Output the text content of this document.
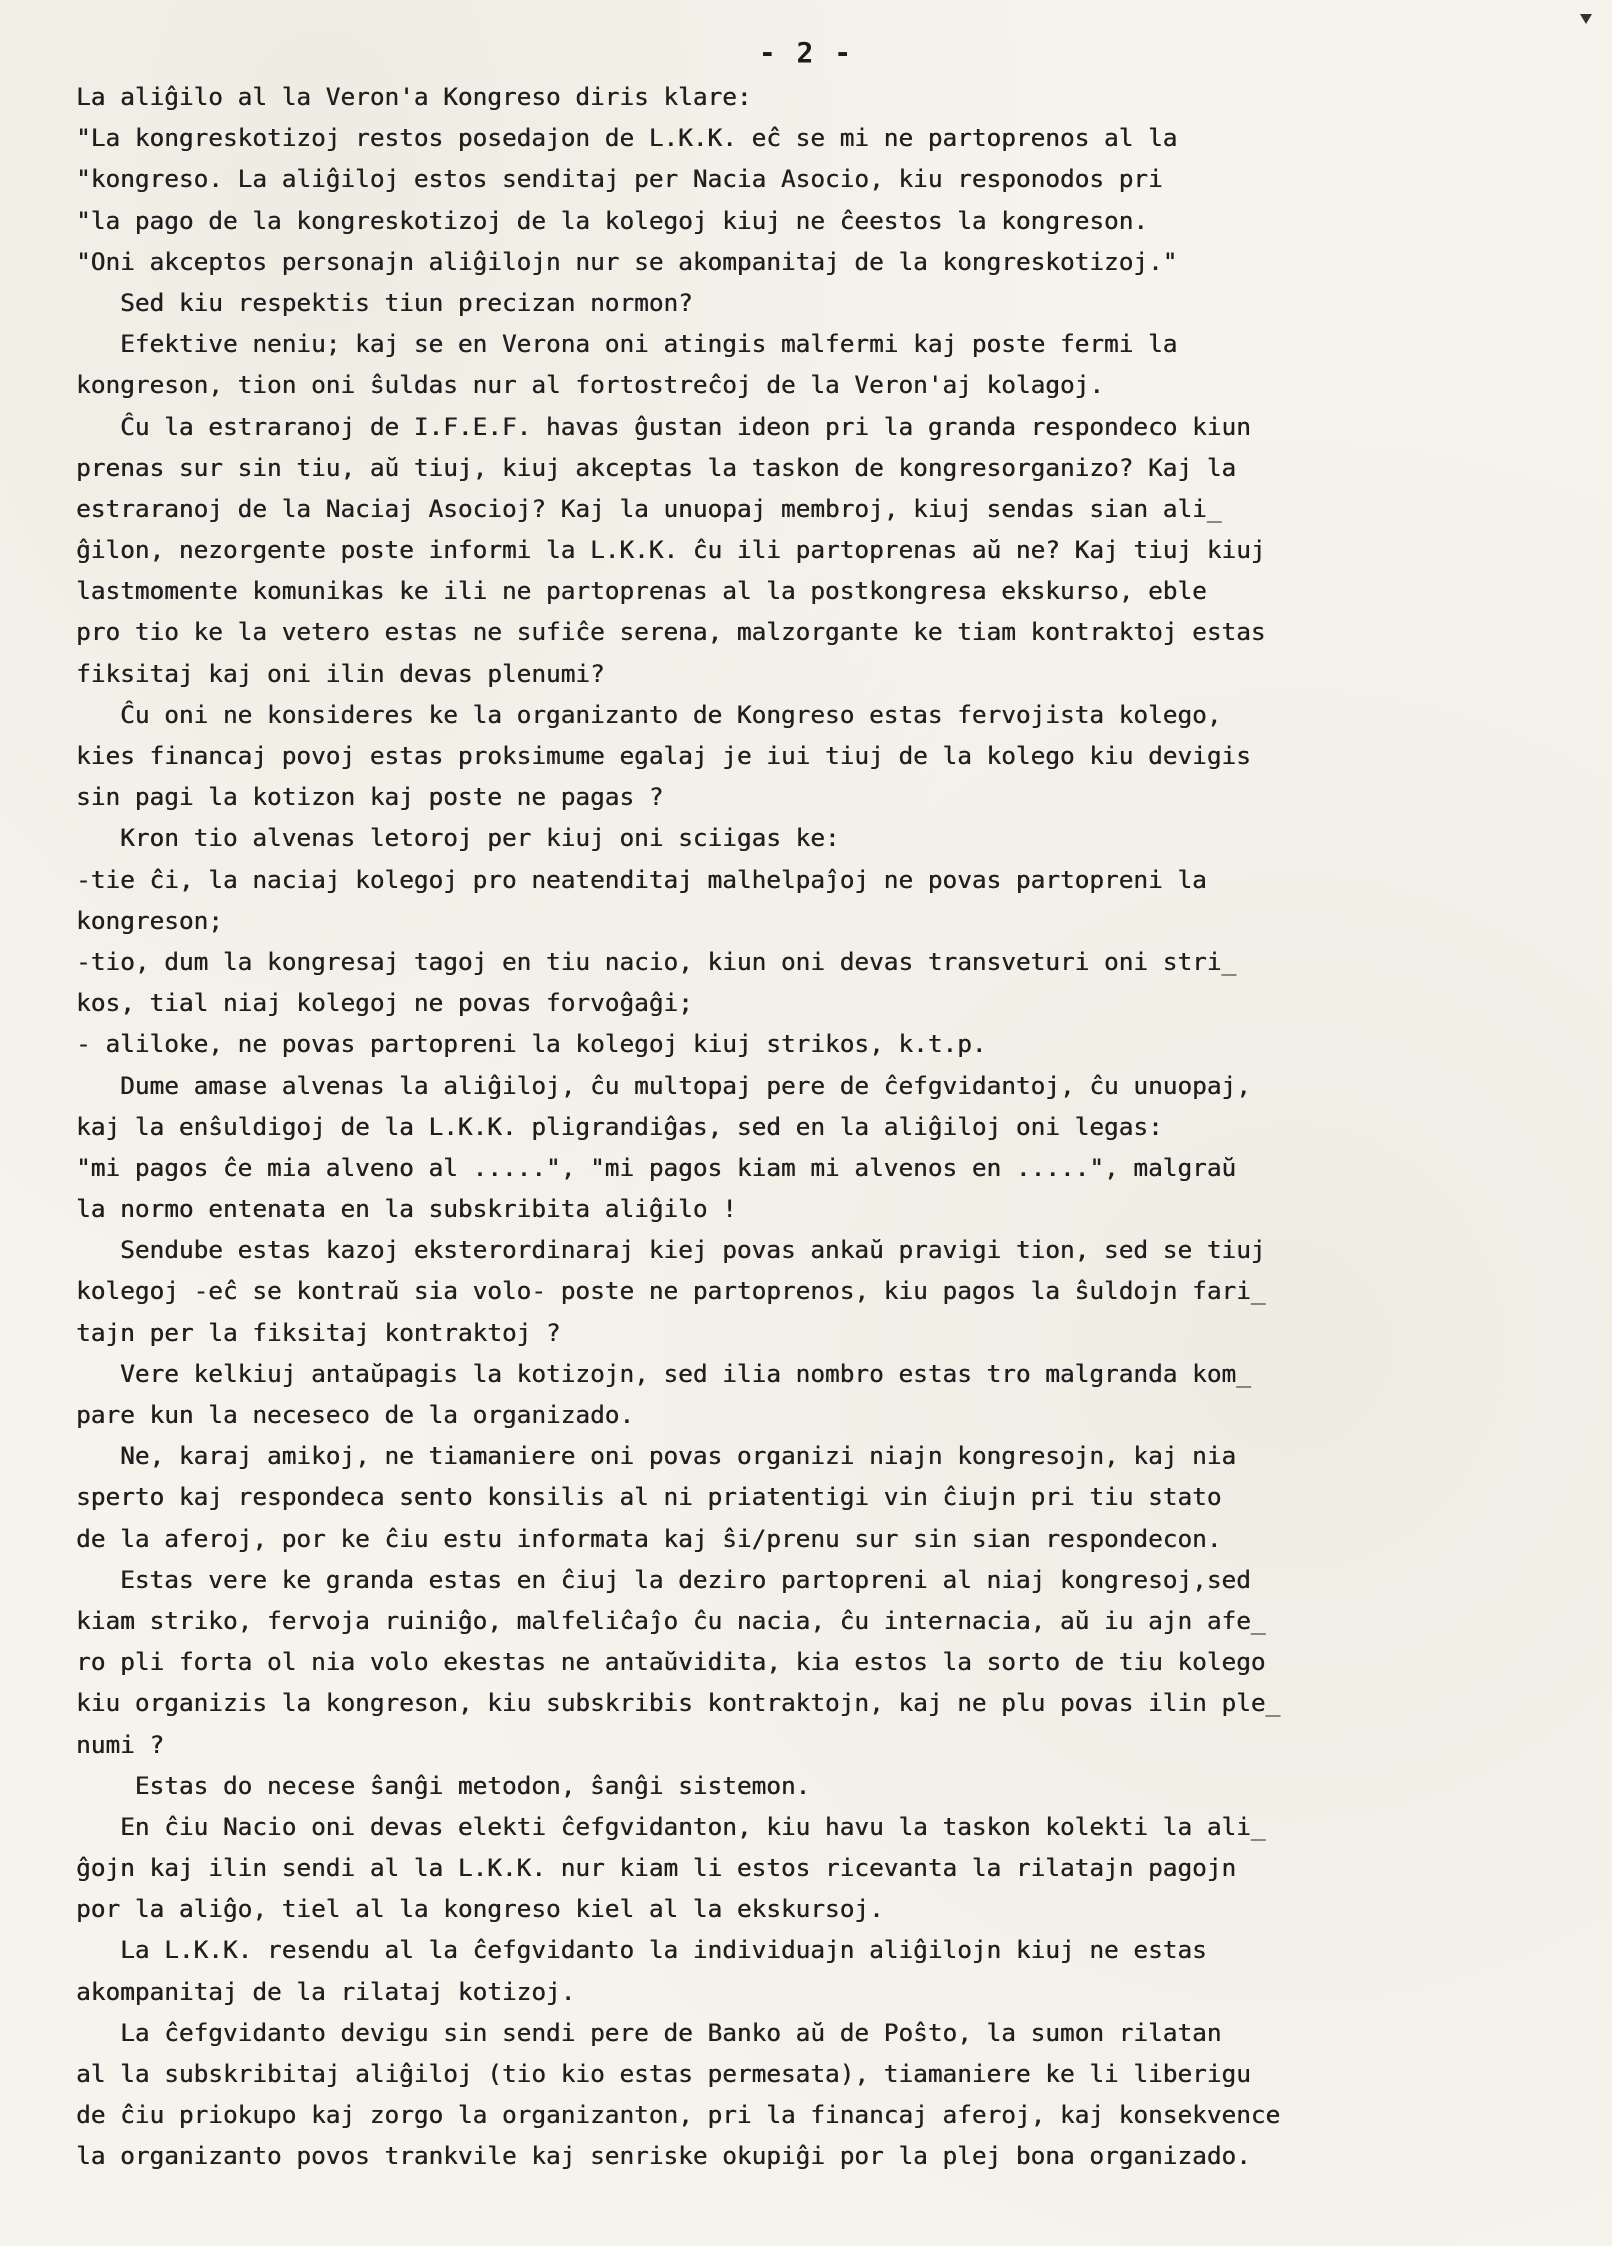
- 2 -
La aliĝilo al la Veron'a Kongreso diris klare:
"La kongreskotizoj restos posedajon de L.K.K. eĉ se mi ne partoprenos al la
"kongreso. La aliĝiloj estos senditaj per Nacia Asocio, kiu responodos pri
"la pago de la kongreskotizoj de la kolegoj kiuj ne ĉeestos la kongreson.
"Oni akceptos personajn aliĝilojn nur se akompanitaj de la kongreskotizoj."
Sed kiu respektis tiun precizan normon?
Efektive neniu; kaj se en Verona oni atingis malfermi kaj poste fermi la
kongreson, tion oni ŝuldas nur al fortostreĉoj de la Veron'aj kolagoj.
Ĉu la estraranoj de I.F.E.F. havas ĝustan ideon pri la granda respondeco kiun
prenas sur sin tiu, aŭ tiuj, kiuj akceptas la taskon de kongresorganizo? Kaj la
estraranoj de la Naciaj Asocioj? Kaj la unuopaj membroj, kiuj sendas sian ali_
ĝilon, nezorgente poste informi la L.K.K. ĉu ili partoprenas aŭ ne? Kaj tiuj kiuj
lastmomente komunikas ke ili ne partoprenas al la postkongresa ekskurso, eble
pro tio ke la vetero estas ne sufiĉe serena, malzorgante ke tiam kontraktoj estas
fiksitaj kaj oni ilin devas plenumi?
Ĉu oni ne konsideres ke la organizanto de Kongreso estas fervojista kolego,
kies financaj povoj estas proksimume egalaj je iui tiuj de la kolego kiu devigis
sin pagi la kotizon kaj poste ne pagas ?
Kron tio alvenas letoroj per kiuj oni sciigas ke:
-tie ĉi, la naciaj kolegoj pro neatenditaj malhelpaĵoj ne povas partopreni la
kongreson;
-tio, dum la kongresaj tagoj en tiu nacio, kiun oni devas transveturi oni stri_
kos, tial niaj kolegoj ne povas forvoĝaĝi;
- aliloke, ne povas partopreni la kolegoj kiuj strikos, k.t.p.
Dume amase alvenas la aliĝiloj, ĉu multopaj pere de ĉefgvidantoj, ĉu unuopaj,
kaj la enŝuldigoj de la L.K.K. pligrandiĝas, sed en la aliĝiloj oni legas:
"mi pagos ĉe mia alveno al .....", "mi pagos kiam mi alvenos en .....", malgraŭ
la normo entenata en la subskribita aliĝilo !
Sendube estas kazoj eksterordinaraj kiej povas ankaŭ pravigi tion, sed se tiuj
kolegoj -eĉ se kontraŭ sia volo- poste ne partoprenos, kiu pagos la ŝuldojn fari_
tajn per la fiksitaj kontraktoj ?
Vere kelkiuj antaŭpagis la kotizojn, sed ilia nombro estas tro malgranda kom_
pare kun la neceseco de la organizado.
Ne, karaj amikoj, ne tiamaniere oni povas organizi niajn kongresojn, kaj nia
sperto kaj respondeca sento konsilis al ni priatentigi vin ĉiujn pri tiu stato
de la aferoj, por ke ĉiu estu informata kaj ŝi/prenu sur sin sian respondecon.
Estas vere ke granda estas en ĉiuj la deziro partopreni al niaj kongresoj,sed
kiam striko, fervoja ruiniĝo, malfeliĉaĵo ĉu nacia, ĉu internacia, aŭ iu ajn afe_
ro pli forta ol nia volo ekestas ne antaŭvidita, kia estos la sorto de tiu kolego
kiu organizis la kongreson, kiu subskribis kontraktojn, kaj ne plu povas ilin ple_
numi ?
Estas do necese ŝanĝi metodon, ŝanĝi sistemon.
En ĉiu Nacio oni devas elekti ĉefgvidanton, kiu havu la taskon kolekti la ali_
ĝojn kaj ilin sendi al la L.K.K. nur kiam li estos ricevanta la rilatajn pagojn
por la aliĝo, tiel al la kongreso kiel al la ekskursoj.
La L.K.K. resendu al la ĉefgvidanto la individuajn aliĝilojn kiuj ne estas
akompanitaj de la rilataj kotizoj.
La ĉefgvidanto devigu sin sendi pere de Banko aŭ de Poŝto, la sumon rilatan
al la subskribitaj aliĝiloj (tio kio estas permesata), tiamaniere ke li liberigu
de ĉiu priokupo kaj zorgo la organizanton, pri la financaj aferoj, kaj konsekvence
la organizanto povos trankvile kaj senriske okupiĝi por la plej bona organizado.
